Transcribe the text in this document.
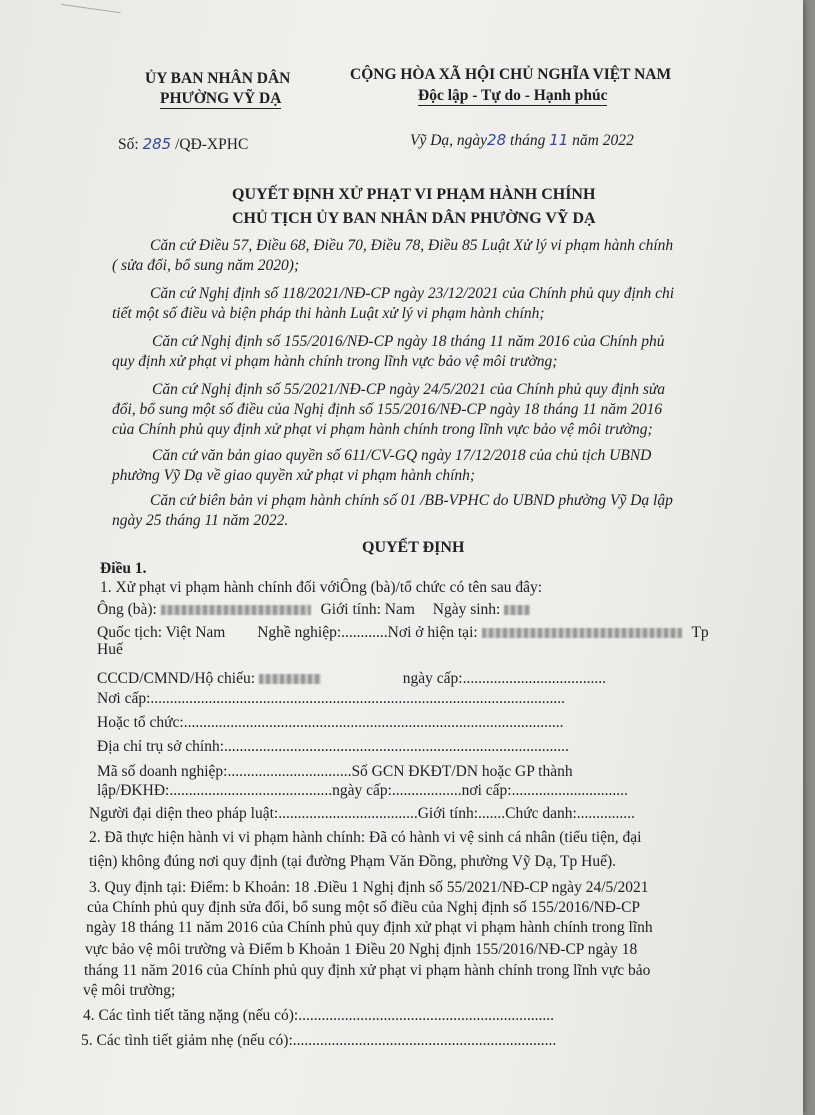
ỦY BAN NHÂN DÂN
PHƯỜNG VỸ DẠ
CỘNG HÒA XÃ HỘI CHỦ NGHĨA VIỆT NAM
Độc lập - Tự do - Hạnh phúc
Số: 285 /QĐ-XPHC	Vỹ Dạ, ngày28 tháng 11 năm 2022
QUYẾT ĐỊNH XỬ PHẠT VI PHẠM HÀNH CHÍNH
CHỦ TỊCH ỦY BAN NHÂN DÂN PHƯỜNG VỸ DẠ
Căn cứ Điều 57, Điều 68, Điều 70, Điều 78, Điều 85 Luật Xử lý vi phạm hành chính
( sửa đổi, bổ sung năm 2020);
Căn cứ Nghị định số 118/2021/NĐ-CP ngày 23/12/2021 của Chính phủ quy định chi
tiết một số điều và biện pháp thi hành Luật xử lý vi phạm hành chính;
Căn cứ Nghị định số 155/2016/NĐ-CP ngày 18 tháng 11 năm 2016 của Chính phủ
quy định xử phạt vi phạm hành chính trong lĩnh vực bảo vệ môi trường;
Căn cứ Nghị định số 55/2021/NĐ-CP ngày 24/5/2021 của Chính phủ quy định sửa
đổi, bổ sung một số điều của Nghị định số 155/2016/NĐ-CP ngày 18 tháng 11 năm 2016
của Chính phủ quy định xử phạt vi phạm hành chính trong lĩnh vực bảo vệ môi trường;
Căn cứ văn bản giao quyền số 611/CV-GQ ngày 17/12/2018 của chủ tịch UBND
phường Vỹ Dạ về giao quyền xử phạt vi phạm hành chính;
Căn cứ biên bản vi phạm hành chính số 01 /BB-VPHC do UBND phường Vỹ Dạ lập
ngày 25 tháng 11 năm 2022.
QUYẾT ĐỊNH
Điều 1.
1. Xử phạt vi phạm hành chính đối vớiÔng (bà)/tổ chức có tên sau đây:
Ông (bà):	Giới tính: Nam Ngày sinh:
Quốc tịch: Việt Nam Nghề nghiệp:............Nơi ở hiện tại:	Tp
Huế
CCCD/CMND/Hộ chiếu:	ngày cấp:.....................................
Nơi cấp:...........................................................................................................
Hoặc tổ chức:..................................................................................................
Địa chỉ trụ sở chính:.........................................................................................
Mã số doanh nghiệp:................................Số GCN ĐKĐT/DN hoặc GP thành
lập/ĐKHĐ:..........................................ngày cấp:..................nơi cấp:..............................
Người đại diện theo pháp luật:....................................Giới tính:.......Chức danh:...............
2. Đã thực hiện hành vi vi phạm hành chính: Đã có hành vi vệ sinh cá nhân (tiểu tiện, đại
tiện) không đúng nơi quy định (tại đường Phạm Văn Đồng, phường Vỹ Dạ, Tp Huế).
3. Quy định tại: Điểm: b Khoản: 18 .Điều 1 Nghị định số 55/2021/NĐ-CP ngày 24/5/2021
của Chính phủ quy định sửa đổi, bổ sung một số điều của Nghị định số 155/2016/NĐ-CP
ngày 18 tháng 11 năm 2016 của Chính phủ quy định xử phạt vi phạm hành chính trong lĩnh
vực bảo vệ môi trường và Điểm b Khoản 1 Điều 20 Nghị định 155/2016/NĐ-CP ngày 18
tháng 11 năm 2016 của Chính phủ quy định xử phạt vi phạm hành chính trong lĩnh vực bảo
vệ môi trường;
4. Các tình tiết tăng nặng (nếu có):..................................................................
5. Các tình tiết giảm nhẹ (nếu có):....................................................................
